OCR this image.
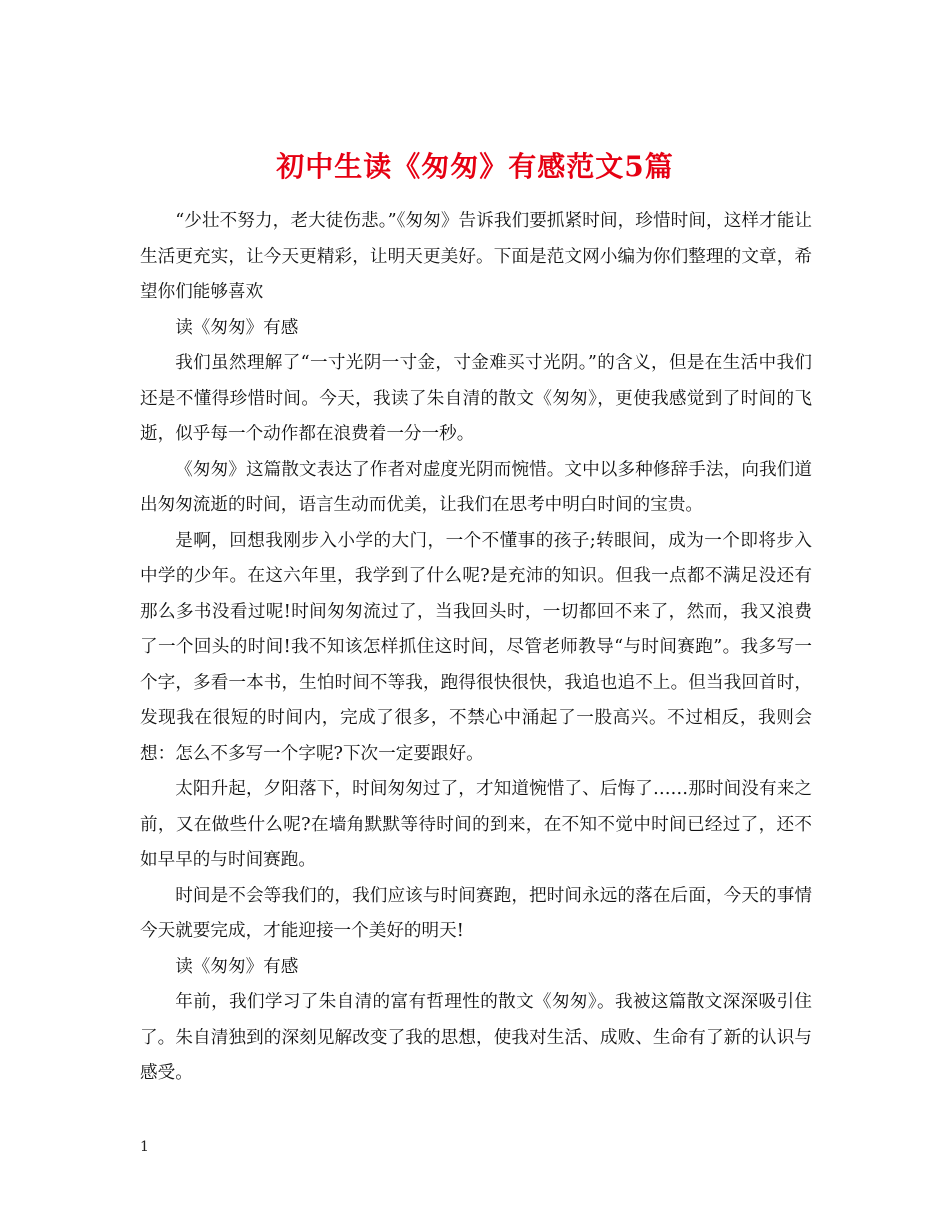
初中生读《匆匆》有感范文5篇

“少壮不努力，老大徒伤悲。”《匆匆》告诉我们要抓紧时间，珍惜时间，这样才能让生活更充实，让今天更精彩，让明天更美好。下面是范文网小编为你们整理的文章，希望你们能够喜欢

读《匆匆》有感

我们虽然理解了“一寸光阴一寸金，寸金难买寸光阴。”的含义，但是在生活中我们还是不懂得珍惜时间。今天，我读了朱自清的散文《匆匆》，更使我感觉到了时间的飞逝，似乎每一个动作都在浪费着一分一秒。

《匆匆》这篇散文表达了作者对虚度光阴而惋惜。文中以多种修辞手法，向我们道出匆匆流逝的时间，语言生动而优美，让我们在思考中明白时间的宝贵。

是啊，回想我刚步入小学的大门，一个不懂事的孩子;转眼间，成为一个即将步入中学的少年。在这六年里，我学到了什么呢?是充沛的知识。但我一点都不满足没还有那么多书没看过呢!时间匆匆流过了，当我回头时，一切都回不来了，然而，我又浪费了一个回头的时间!我不知该怎样抓住这时间，尽管老师教导“与时间赛跑”。我多写一个字，多看一本书，生怕时间不等我，跑得很快很快，我追也追不上。但当我回首时，发现我在很短的时间内，完成了很多，不禁心中涌起了一股高兴。不过相反，我则会想：怎么不多写一个字呢?下次一定要跟好。

太阳升起，夕阳落下，时间匆匆过了，才知道惋惜了、后悔了……那时间没有来之前，又在做些什么呢?在墙角默默等待时间的到来，在不知不觉中时间已经过了，还不如早早的与时间赛跑。

时间是不会等我们的，我们应该与时间赛跑，把时间永远的落在后面，今天的事情今天就要完成，才能迎接一个美好的明天!

读《匆匆》有感

年前，我们学习了朱自清的富有哲理性的散文《匆匆》。我被这篇散文深深吸引住了。朱自清独到的深刻见解改变了我的思想，使我对生活、成败、生命有了新的认识与感受。

1
